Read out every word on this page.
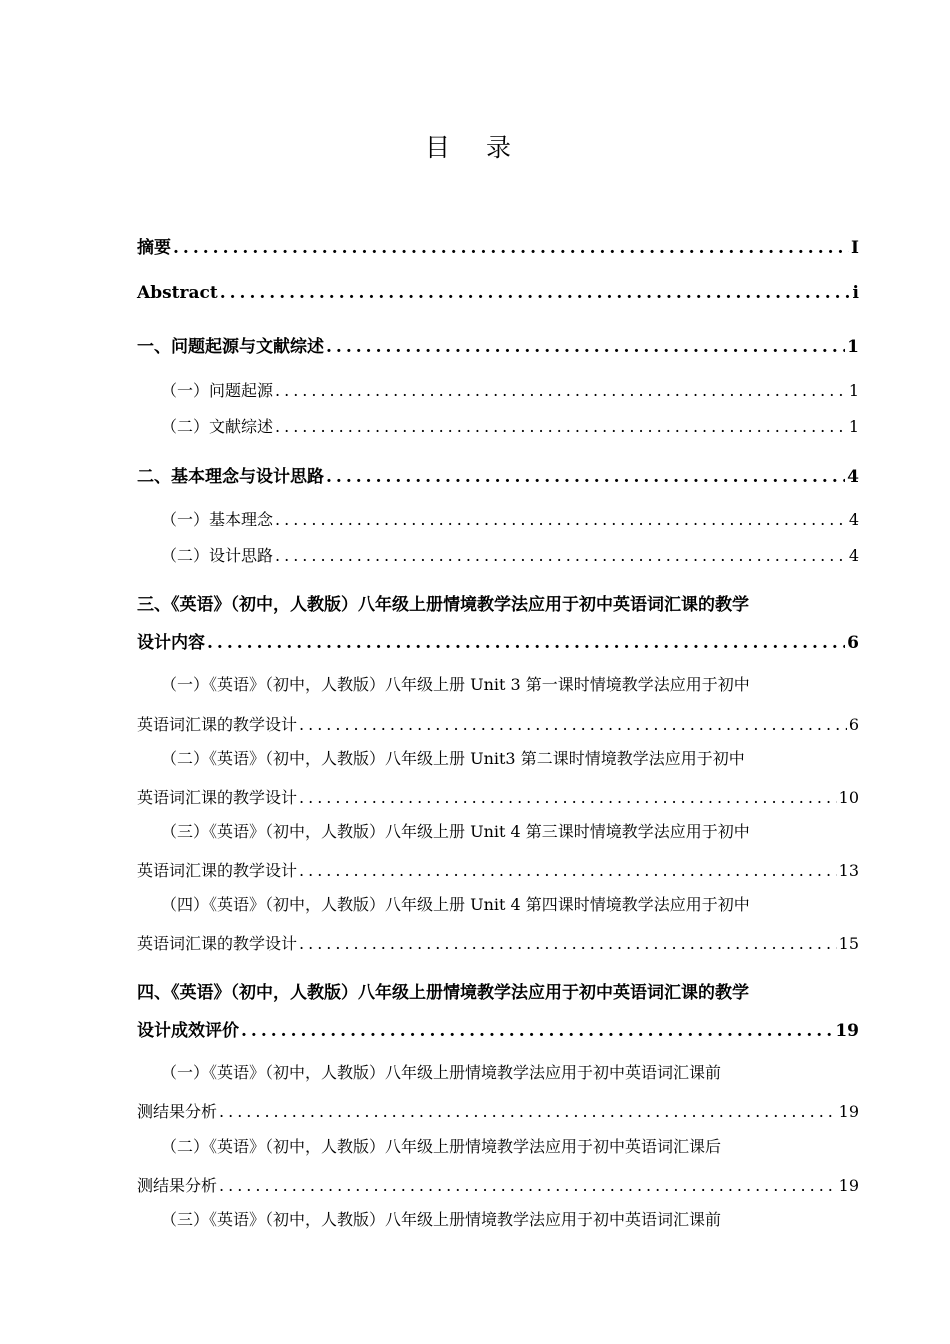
目 录
摘要 .....	I
Abstract .....	i
一、问题起源与文献综述 .....	1
（一）问题起源 .....	1
（二）文献综述 .....	1
二、基本理念与设计思路 .....	4
（一）基本理念 .....	4
（二）设计思路 .....	4
三、《英语》（初中，人教版）八年级上册情境教学法应用于初中英语词汇课的教学
设计内容 .....	6
（一）《英语》（初中，人教版）八年级上册 Unit 3 第一课时情境教学法应用于初中
英语词汇课的教学设计 .....	6
（二）《英语》（初中，人教版）八年级上册 Unit3 第二课时情境教学法应用于初中
英语词汇课的教学设计 .....	10
（三）《英语》（初中，人教版）八年级上册 Unit 4 第三课时情境教学法应用于初中
英语词汇课的教学设计 .....	13
（四）《英语》（初中，人教版）八年级上册 Unit 4 第四课时情境教学法应用于初中
英语词汇课的教学设计 .....	15
四、《英语》（初中，人教版）八年级上册情境教学法应用于初中英语词汇课的教学
设计成效评价 .....	19
（一）《英语》（初中，人教版）八年级上册情境教学法应用于初中英语词汇课前
测结果分析 .....	19
（二）《英语》（初中，人教版）八年级上册情境教学法应用于初中英语词汇课后
测结果分析 .....	19
（三）《英语》（初中，人教版）八年级上册情境教学法应用于初中英语词汇课前
